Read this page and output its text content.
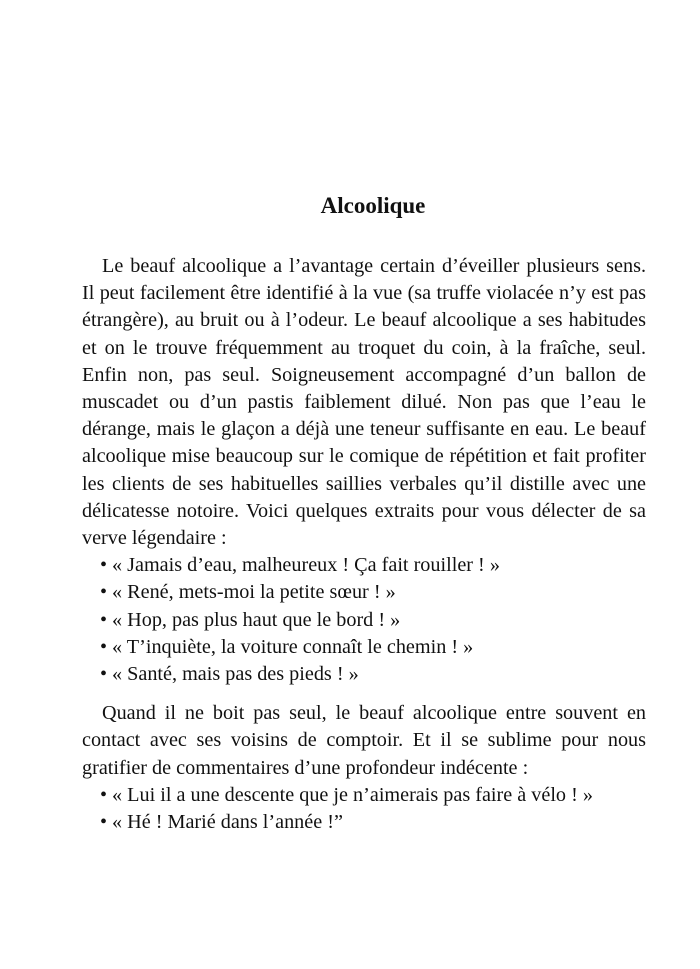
Alcoolique

Le beauf alcoolique a l’avantage certain d’éveiller plusieurs sens. Il peut facilement être identifié à la vue (sa truffe violacée n’y est pas étrangère), au bruit ou à l’odeur. Le beauf alcoolique a ses habitudes et on le trouve fréquemment au troquet du coin, à la fraîche, seul. Enfin non, pas seul. Soigneusement accompagné d’un ballon de muscadet ou d’un pastis faiblement dilué. Non pas que l’eau le dérange, mais le glaçon a déjà une teneur suffisante en eau. Le beauf alcoolique mise beaucoup sur le comique de répétition et fait profiter les clients de ses habituelles saillies verbales qu’il distille avec une délicatesse notoire. Voici quelques extraits pour vous délecter de sa verve légendaire :

• « Jamais d’eau, malheureux ! Ça fait rouiller ! »
• « René, mets-moi la petite sœur ! »
• « Hop, pas plus haut que le bord ! »
• « T’inquiète, la voiture connaît le chemin ! »
• « Santé, mais pas des pieds ! »

Quand il ne boit pas seul, le beauf alcoolique entre souvent en contact avec ses voisins de comptoir. Et il se sublime pour nous gratifier de commentaires d’une profondeur indécente :

• « Lui il a une descente que je n’aimerais pas faire à vélo ! »
• « Hé ! Marié dans l’année !”
